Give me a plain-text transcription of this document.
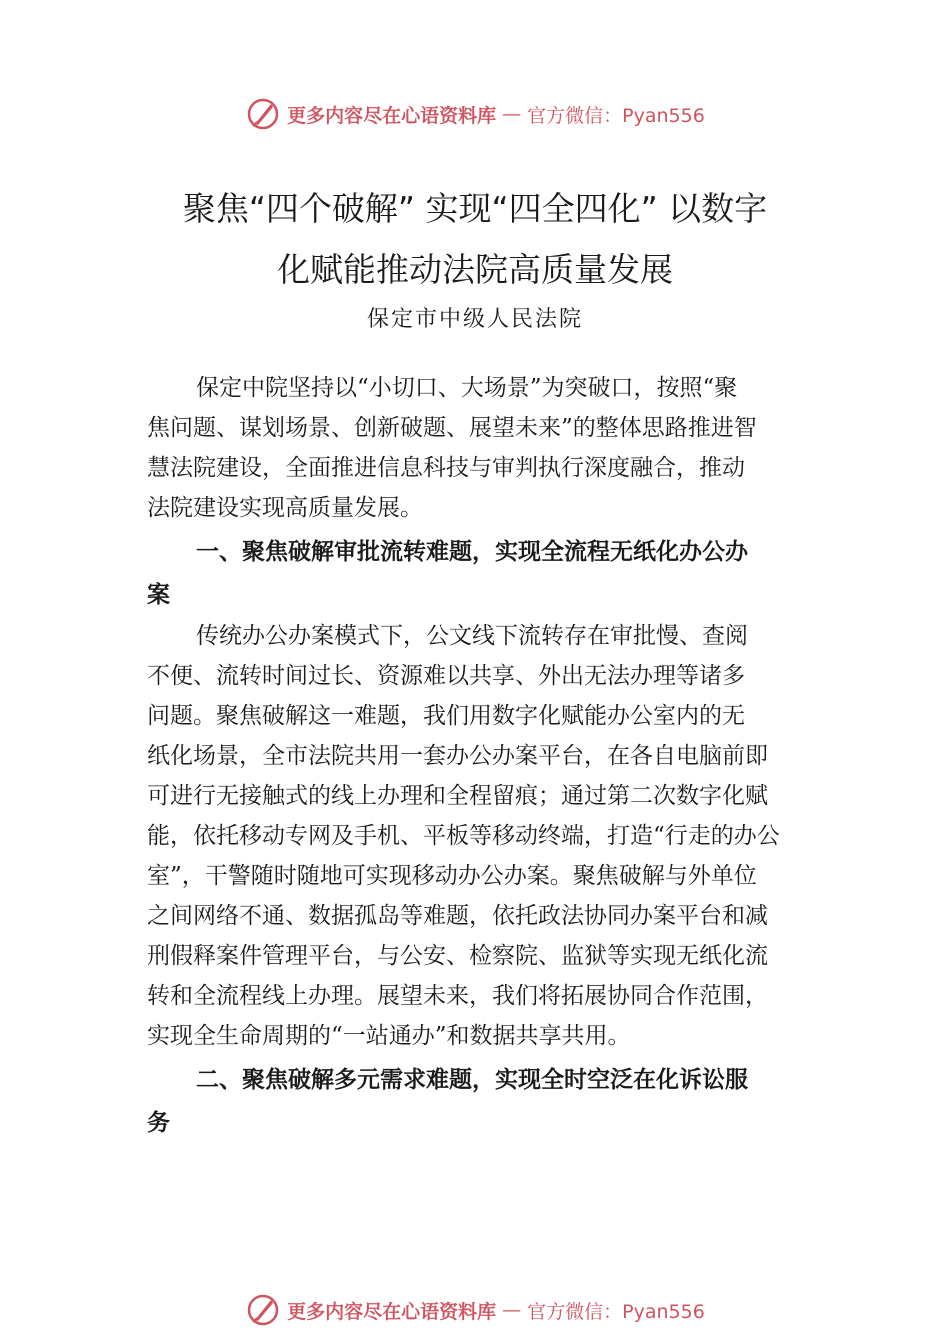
更多内容尽在心语资料库 — 官方微信：Pyan556
聚焦“四个破解” 实现“四全四化” 以数字
化赋能推动法院高质量发展
保定市中级人民法院
保定中院坚持以“小切口、大场景”为突破口，按照“聚
焦问题、谋划场景、创新破题、展望未来”的整体思路推进智
慧法院建设，全面推进信息科技与审判执行深度融合，推动
法院建设实现高质量发展。
一、聚焦破解审批流转难题，实现全流程无纸化办公办
案
传统办公办案模式下，公文线下流转存在审批慢、查阅
不便、流转时间过长、资源难以共享、外出无法办理等诸多
问题。聚焦破解这一难题，我们用数字化赋能办公室内的无
纸化场景，全市法院共用一套办公办案平台，在各自电脑前即
可进行无接触式的线上办理和全程留痕；通过第二次数字化赋
能，依托移动专网及手机、平板等移动终端，打造“行走的办公
室”，干警随时随地可实现移动办公办案。聚焦破解与外单位
之间网络不通、数据孤岛等难题，依托政法协同办案平台和减
刑假释案件管理平台，与公安、检察院、监狱等实现无纸化流
转和全流程线上办理。展望未来，我们将拓展协同合作范围，
实现全生命周期的“一站通办”和数据共享共用。
二、聚焦破解多元需求难题，实现全时空泛在化诉讼服
务
更多内容尽在心语资料库 — 官方微信：Pyan556
